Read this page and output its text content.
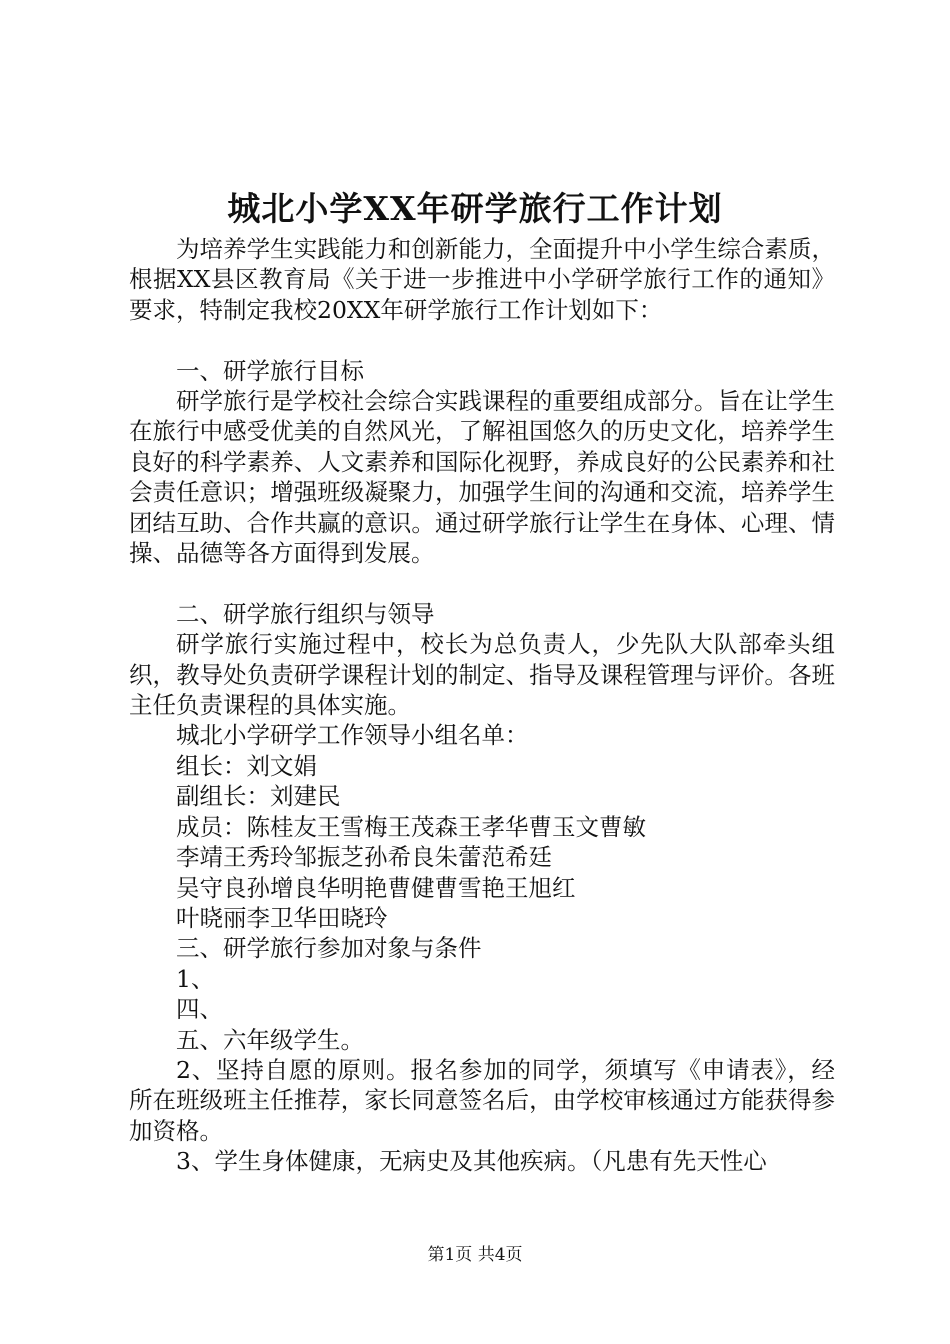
城北小学XX年研学旅行工作计划

为培养学生实践能力和创新能力，全面提升中小学生综合素质，根据XX县区教育局《关于进一步推进中小学研学旅行工作的通知》要求，特制定我校20XX年研学旅行工作计划如下：

一、研学旅行目标

研学旅行是学校社会综合实践课程的重要组成部分。旨在让学生在旅行中感受优美的自然风光，了解祖国悠久的历史文化，培养学生良好的科学素养、人文素养和国际化视野，养成良好的公民素养和社会责任意识；增强班级凝聚力，加强学生间的沟通和交流，培养学生团结互助、合作共赢的意识。通过研学旅行让学生在身体、心理、情操、品德等各方面得到发展。

二、研学旅行组织与领导

研学旅行实施过程中，校长为总负责人，少先队大队部牵头组织，教导处负责研学课程计划的制定、指导及课程管理与评价。各班主任负责课程的具体实施。

城北小学研学工作领导小组名单：

组长：刘文娟

副组长：刘建民

成员：陈桂友王雪梅王茂森王孝华曹玉文曹敏

李靖王秀玲邹振芝孙希良朱蕾范希廷

吴守良孙增良华明艳曹健曹雪艳王旭红

叶晓丽李卫华田晓玲

三、研学旅行参加对象与条件

1、

四、

五、六年级学生。

2、坚持自愿的原则。报名参加的同学，须填写《申请表》，经所在班级班主任推荐，家长同意签名后，由学校审核通过方能获得参加资格。

3、学生身体健康，无病史及其他疾病。（凡患有先天性心

第1页 共4页
